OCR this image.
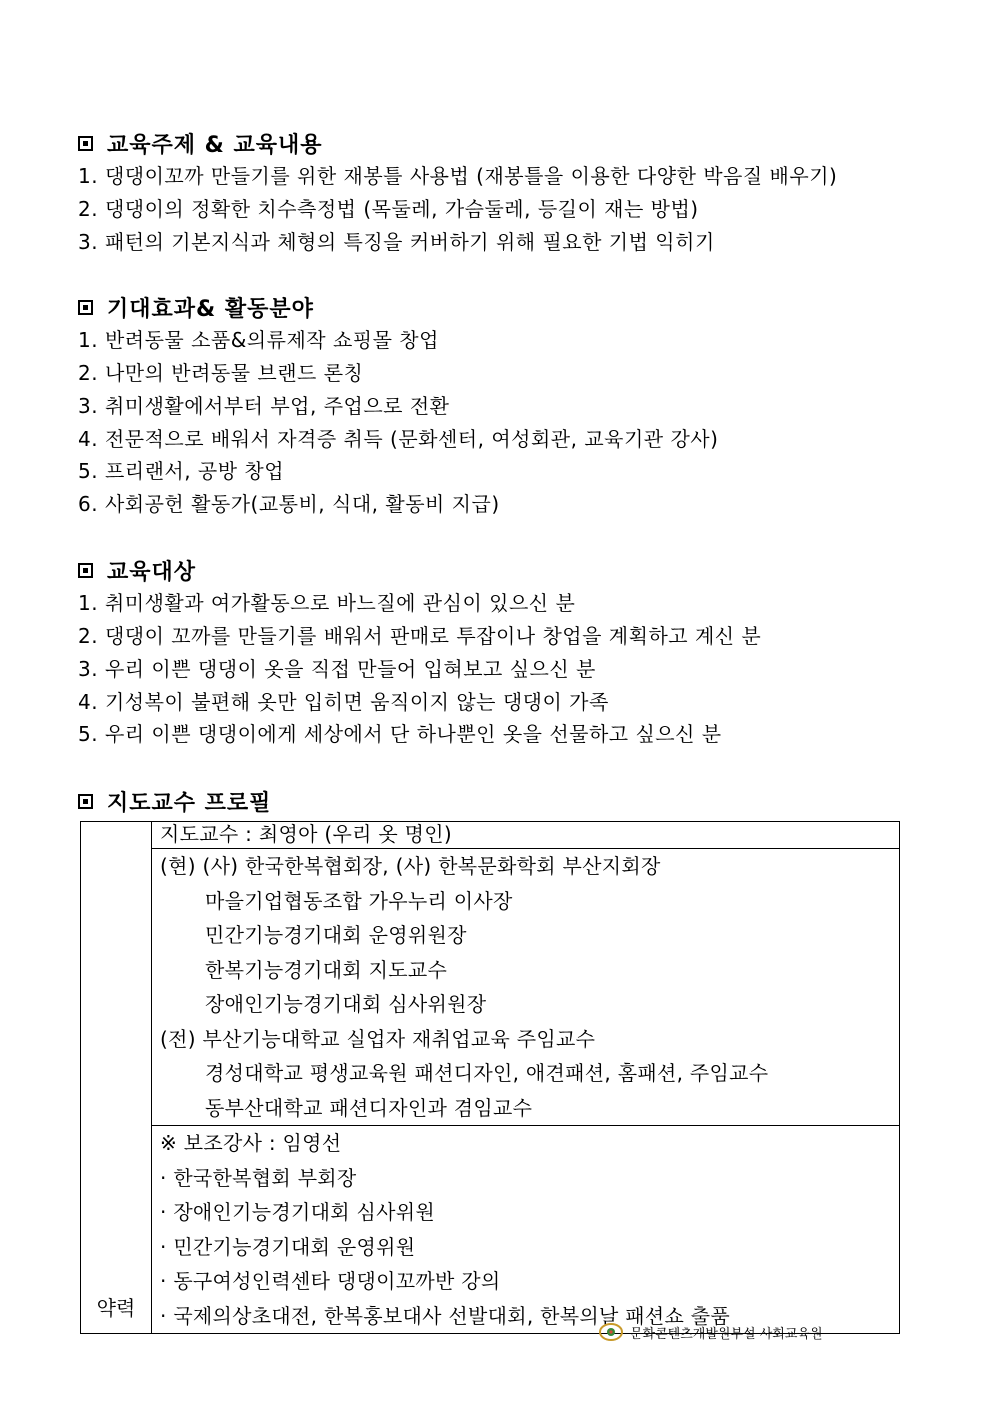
교육주제 & 교육내용
1. 댕댕이꼬까 만들기를 위한 재봉틀 사용법 (재봉틀을 이용한 다양한 박음질 배우기)
2. 댕댕이의 정확한 치수측정법 (목둘레, 가슴둘레, 등길이 재는 방법)
3. 패턴의 기본지식과 체형의 특징을 커버하기 위해 필요한 기법 익히기
기대효과& 활동분야
1. 반려동물 소품&의류제작 쇼핑몰 창업
2. 나만의 반려동물 브랜드 론칭
3. 취미생활에서부터 부업, 주업으로 전환
4. 전문적으로 배워서 자격증 취득 (문화센터, 여성회관, 교육기관 강사)
5. 프리랜서, 공방 창업
6. 사회공헌 활동가(교통비, 식대, 활동비 지급)
교육대상
1. 취미생활과 여가활동으로 바느질에 관심이 있으신 분
2. 댕댕이 꼬까를 만들기를 배워서 판매로 투잡이나 창업을 계획하고 계신 분
3. 우리 이쁜 댕댕이 옷을 직접 만들어 입혀보고 싶으신 분
4. 기성복이 불편해 옷만 입히면 움직이지 않는 댕댕이 가족
5. 우리 이쁜 댕댕이에게 세상에서 단 하나뿐인 옷을 선물하고 싶으신 분
지도교수 프로필
약력	
지도교수 : 최영아 (우리 옷 명인)

(현) (사) 한국한복협회장, (사) 한복문화학회 부산지회장
마을기업협동조합 가우누리 이사장
민간기능경기대회 운영위원장
한복기능경기대회 지도교수
장애인기능경기대회 심사위원장
(전) 부산기능대학교 실업자 재취업교육 주임교수
경성대학교 평생교육원 패션디자인, 애견패션, 홈패션, 주임교수
동부산대학교 패션디자인과 겸임교수

※ 보조강사 : 임영선
· 한국한복협회 부회장
· 장애인기능경기대회 심사위원
· 민간기능경기대회 운영위원
· 동구여성인력센타 댕댕이꼬까반 강의
· 국제의상초대전, 한복홍보대사 선발대회, 한복의날 패션쇼 출품
문화콘텐츠개발원부설 사회교육원
